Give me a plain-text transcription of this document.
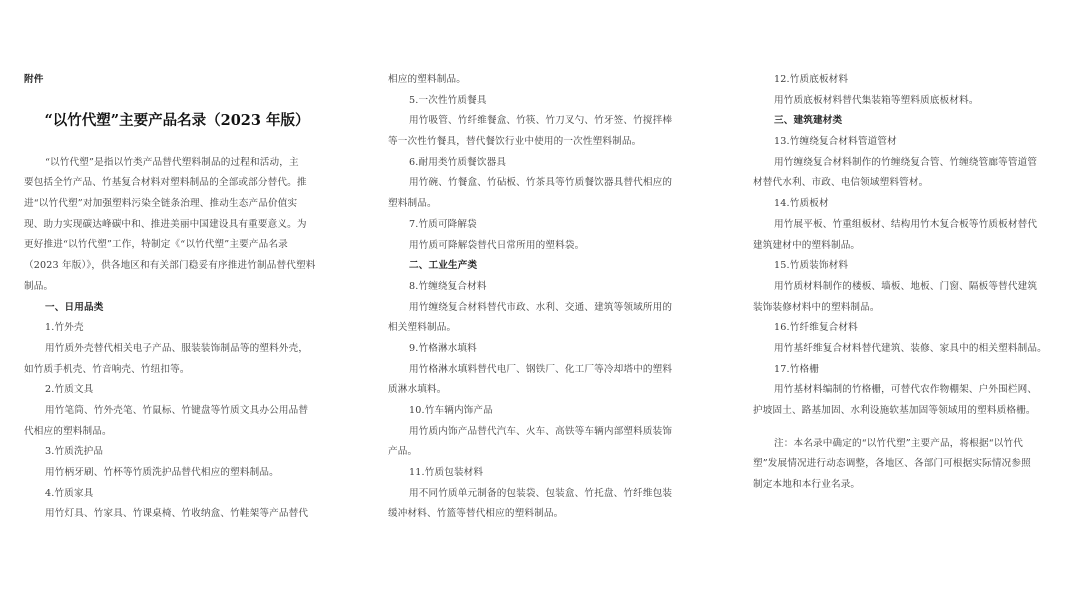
附件
“以竹代塑”主要产品名录（2023 年版）
“以竹代塑”是指以竹类产品替代塑料制品的过程和活动，主
要包括全竹产品、竹基复合材料对塑料制品的全部或部分替代。推
进“以竹代塑”对加强塑料污染全链条治理、推动生态产品价值实
现、助力实现碳达峰碳中和、推进美丽中国建设具有重要意义。为
更好推进“以竹代塑”工作，特制定《“以竹代塑”主要产品名录
（2023 年版）》，供各地区和有关部门稳妥有序推进竹制品替代塑料
制品。
一、日用品类
1.竹外壳
用竹质外壳替代相关电子产品、服装装饰制品等的塑料外壳，
如竹质手机壳、竹音响壳、竹纽扣等。
2.竹质文具
用竹笔筒、竹外壳笔、竹鼠标、竹键盘等竹质文具办公用品替
代相应的塑料制品。
3.竹质洗护品
用竹柄牙刷、竹杯等竹质洗护品替代相应的塑料制品。
4.竹质家具
用竹灯具、竹家具、竹课桌椅、竹收纳盒、竹鞋架等产品替代
相应的塑料制品。
5.一次性竹质餐具
用竹吸管、竹纤维餐盒、竹筷、竹刀叉勺、竹牙签、竹搅拌棒
等一次性竹餐具，替代餐饮行业中使用的一次性塑料制品。
6.耐用类竹质餐饮器具
用竹碗、竹餐盒、竹砧板、竹茶具等竹质餐饮器具替代相应的
塑料制品。
7.竹质可降解袋
用竹质可降解袋替代日常所用的塑料袋。
二、工业生产类
8.竹缠绕复合材料
用竹缠绕复合材料替代市政、水利、交通、建筑等领域所用的
相关塑料制品。
9.竹格淋水填料
用竹格淋水填料替代电厂、钢铁厂、化工厂等冷却塔中的塑料
质淋水填料。
10.竹车辆内饰产品
用竹质内饰产品替代汽车、火车、高铁等车辆内部塑料质装饰
产品。
11.竹质包装材料
用不同竹质单元制备的包装袋、包装盒、竹托盘、竹纤维包装
缓冲材料、竹篮等替代相应的塑料制品。
12.竹质底板材料
用竹质底板材料替代集装箱等塑料质底板材料。
三、建筑建材类
13.竹缠绕复合材料管道管材
用竹缠绕复合材料制作的竹缠绕复合管、竹缠绕管廊等管道管
材替代水利、市政、电信领域塑料管材。
14.竹质板材
用竹展平板、竹重组板材、结构用竹木复合板等竹质板材替代
建筑建材中的塑料制品。
15.竹质装饰材料
用竹质材料制作的楼板、墙板、地板、门窗、隔板等替代建筑
装饰装修材料中的塑料制品。
16.竹纤维复合材料
用竹基纤维复合材料替代建筑、装修、家具中的相关塑料制品。
17.竹格栅
用竹基材料编制的竹格栅，可替代农作物棚架、户外围栏网、
护坡固土、路基加固、水利设施软基加固等领域用的塑料质格栅。
注：本名录中确定的“以竹代塑”主要产品，将根据“以竹代
塑”发展情况进行动态调整，各地区、各部门可根据实际情况参照
制定本地和本行业名录。
